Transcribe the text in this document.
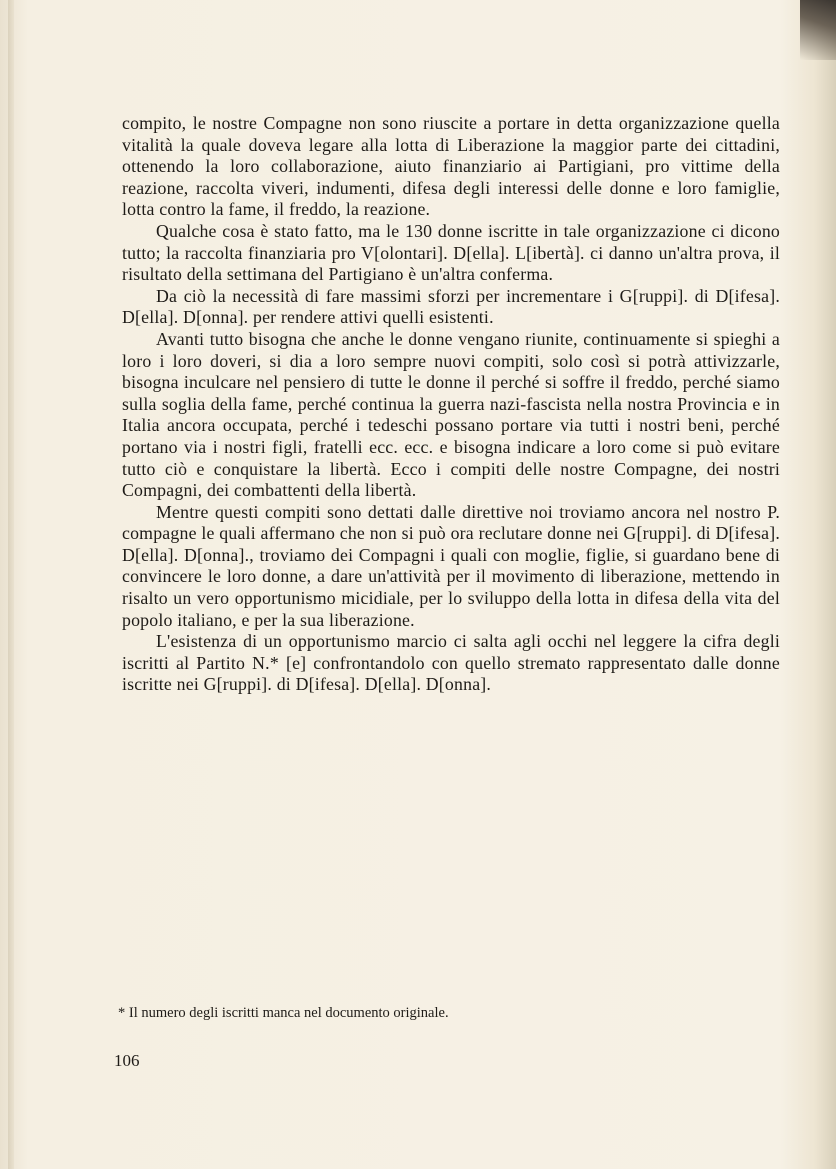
compito, le nostre Compagne non sono riuscite a portare in detta organizzazione quella vitalità la quale doveva legare alla lotta di Liberazione la maggior parte dei cittadini, ottenendo la loro collaborazione, aiuto finanziario ai Partigiani, pro vittime della reazione, raccolta viveri, indumenti, difesa degli interessi delle donne e loro famiglie, lotta contro la fame, il freddo, la reazione.

Qualche cosa è stato fatto, ma le 130 donne iscritte in tale organizzazione ci dicono tutto; la raccolta finanziaria pro V[olontari]. D[ella]. L[ibertà]. ci danno un'altra prova, il risultato della settimana del Partigiano è un'altra conferma.

Da ciò la necessità di fare massimi sforzi per incrementare i G[ruppi]. di D[ifesa]. D[ella]. D[onna]. per rendere attivi quelli esistenti.

Avanti tutto bisogna che anche le donne vengano riunite, continuamente si spieghi a loro i loro doveri, si dia a loro sempre nuovi compiti, solo così si potrà attivizzarle, bisogna inculcare nel pensiero di tutte le donne il perché si soffre il freddo, perché siamo sulla soglia della fame, perché continua la guerra nazi-fascista nella nostra Provincia e in Italia ancora occupata, perché i tedeschi possano portare via tutti i nostri beni, perché portano via i nostri figli, fratelli ecc. ecc. e bisogna indicare a loro come si può evitare tutto ciò e conquistare la libertà. Ecco i compiti delle nostre Compagne, dei nostri Compagni, dei combattenti della libertà.

Mentre questi compiti sono dettati dalle direttive noi troviamo ancora nel nostro P. compagne le quali affermano che non si può ora reclutare donne nei G[ruppi]. di D[ifesa]. D[ella]. D[onna]., troviamo dei Compagni i quali con moglie, figlie, si guardano bene di convincere le loro donne, a dare un'attività per il movimento di liberazione, mettendo in risalto un vero opportunismo micidiale, per lo sviluppo della lotta in difesa della vita del popolo italiano, e per la sua liberazione.

L'esistenza di un opportunismo marcio ci salta agli occhi nel leggere la cifra degli iscritti al Partito N.* [e] confrontandolo con quello stremato rappresentato dalle donne iscritte nei G[ruppi]. di D[ifesa]. D[ella]. D[onna].

* Il numero degli iscritti manca nel documento originale.
106
